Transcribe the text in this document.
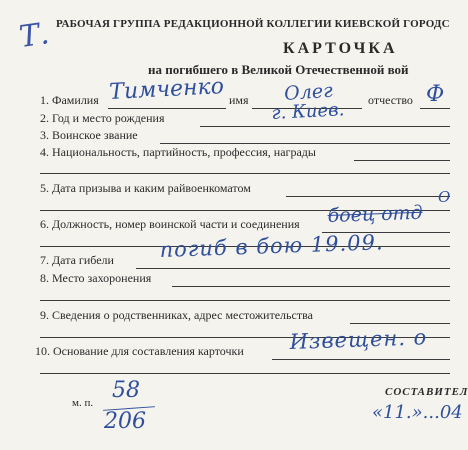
Т. РАБОЧАЯ ГРУППА РЕДАКЦИОННОЙ КОЛЛЕГИИ КИЕВСКОЙ ГОРОДС
КАРТОЧКА
на погибшего в Великой Отечественной вой
1. Фамилия Тимченко имя Олег	отчество Ф
2. Год и место рождения	г. Киев.
3. Воинское звание
4. Национальность, партийность, профессия, награды
5. Дата призыва и каким райвоенкоматом
6. Должность, номер воинской части и соединения
О
боец отд
7. Дата гибели погиб в бою 19.09.
8. Место захоронения
9. Сведения о родственниках, адрес местожительства
10. Основание для составления карточки Извещен. о
м. п. 58
206
СОСТАВИТЕЛ
«11.»...04
